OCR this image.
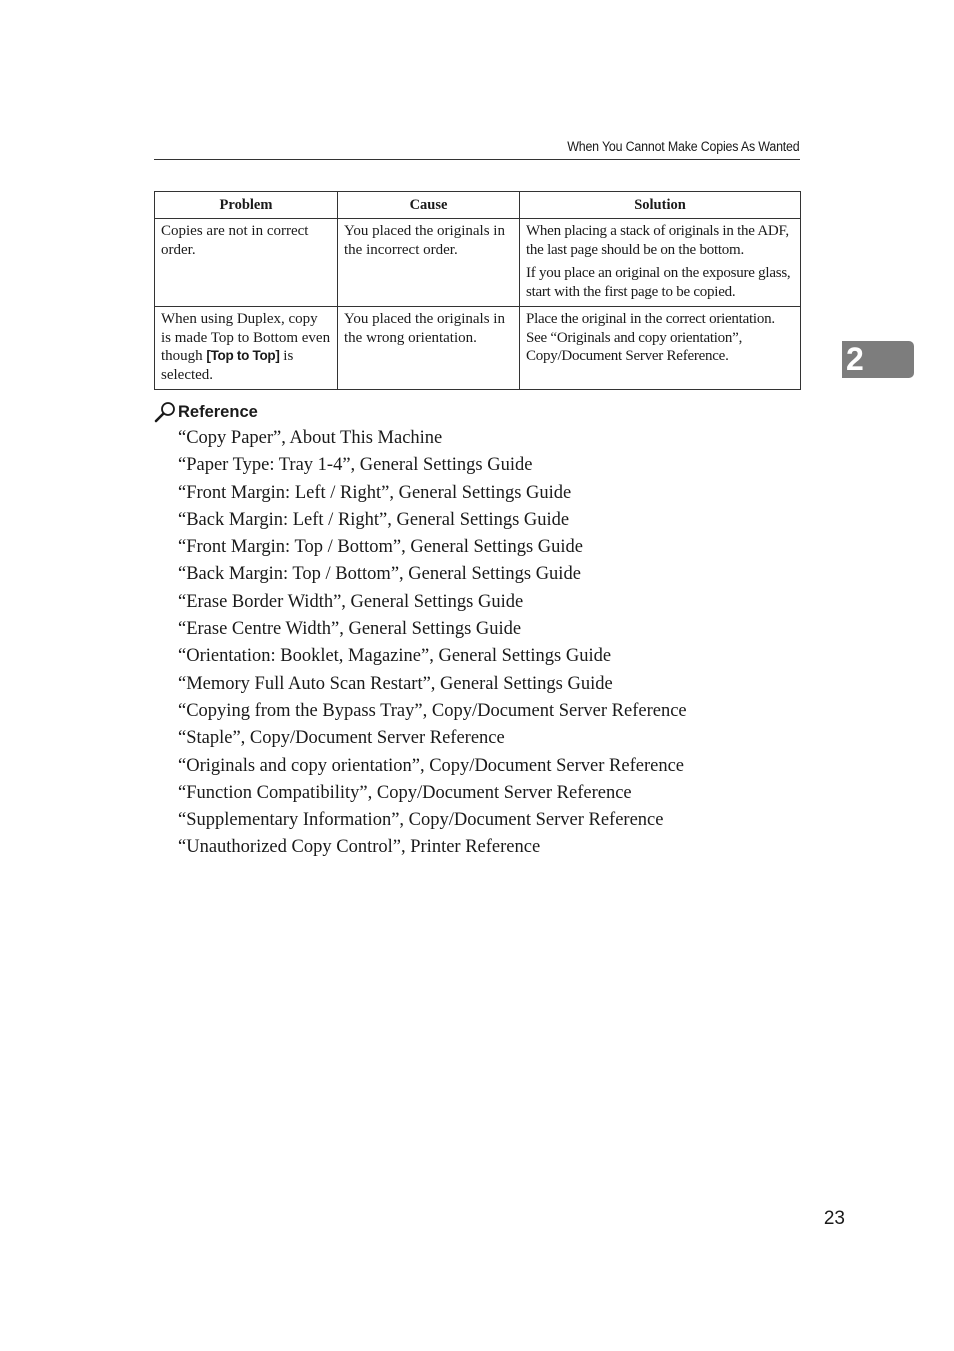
When You Cannot Make Copies As Wanted
Problem	Cause	Solution
Copies are not in correct order.	You placed the originals in the incorrect order.	When placing a stack of originals in the ADF, the last page should be on the bottom.

If you place an original on the exposure glass, start with the first page to be copied.

When using Duplex, copy is made Top to Bottom even though [Top to Top] is selected.	You placed the originals in the wrong orientation.	Place the original in the correct orientation. See “Originals and copy orientation”, Copy/Document Server Reference.

Reference
“Copy Paper”, About This Machine
“Paper Type: Tray 1-4”, General Settings Guide
“Front Margin: Left / Right”, General Settings Guide
“Back Margin: Left / Right”, General Settings Guide
“Front Margin: Top / Bottom”, General Settings Guide
“Back Margin: Top / Bottom”, General Settings Guide
“Erase Border Width”, General Settings Guide
“Erase Centre Width”, General Settings Guide
“Orientation: Booklet, Magazine”, General Settings Guide
“Memory Full Auto Scan Restart”, General Settings Guide
“Copying from the Bypass Tray”, Copy/Document Server Reference
“Staple”, Copy/Document Server Reference
“Originals and copy orientation”, Copy/Document Server Reference
“Function Compatibility”, Copy/Document Server Reference
“Supplementary Information”, Copy/Document Server Reference
“Unauthorized Copy Control”, Printer Reference
2
23
